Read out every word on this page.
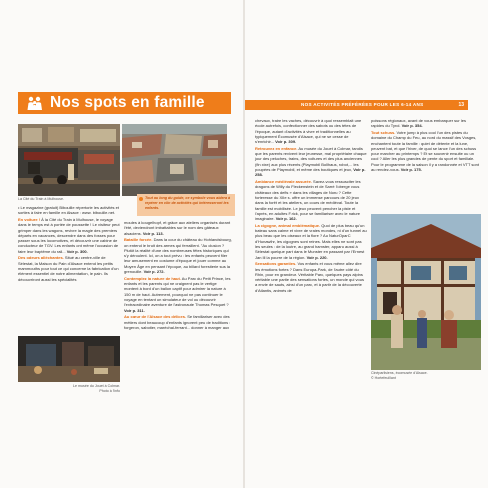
Nos spots en famille
La Cité du Train à Mulhouse.	Tout au long du guide, ce symbole vous aidera à repérer en clin de activités qui intéresseront les enfants.

• Le magazine (gratuit) Biboulile répertorie les activités et sorties à faire en famille en Alsace : www. biboulile.net.

En voiture ! À la Cité du Train à Mulhouse, le voyage dans le temps est à portée de poussette ! Le visiteur peut grimper dans les wagons, revivre la magie des premiers départs en vacances, descendre dans des fosses pour passer sous les locomotives, et découvrir une cabine de conducteur de TGV. Les enfants ont même l'occasion de faire leur baptême du rail... Voir p. 300.

Des odeurs alléchantes. Situé au centre-ville de Sélestat, la Maison du Pain d'Alsace entend les petits mammouths pour tout ce qui concerne la fabrication d'un élément essentiel de notre alimentation, le pain. Ils découvriront aussi les spécialités

moules à kougelhopf, et grâce aux ateliers organisés durant l'été, deviendront imbattables sur le nom des gâteaux alsaciens. Voir p. 113.

Bataille forcée. Dans la cour du château du Hohlandsbourg, on entend le bruit des armes qui ferraillent. "Au clusion ? Plutôt la réalité d'une des nombreuses fêtes historiques qui s'y déroulent. Ici, on a tout prévu : les enfants peuvent filer leur amusement en costume d'époque et jouer comme au Moyen Âge en pensant l'époque, au billard forestierie sus la grenouille. Voir p. 272.

Contemplez la nature de haut. Au Parc du Petit Prince, les enfants et les parents qui ne craignent pas le vertige montent à bord d'un ballon captif pour admirer la nature à 150 m de haut. Autrement, pourquoi ne pas continuer le voyage en tentant un simulateur de vol ou découvrir l'extraordinaire aventure de l'astronaute Thomas Pesquet ? Voir p. 311.

Au cœur de l'Alsace des délices. Se familiariser avec des métiers dont beaucoup d'enfants ignorent peu de traditions : forgeron, sabotier, maréchal-ferrant... donner à manger aux

Le musée du Jouet à Colmar.
Photo à l'info
NOS ACTIVITÉS PRÉFÉRÉES POUR LES 6-14 ANS	13

chevaux, traire les vaches, découvrir à quoi ressemblait une école autrefois, confectionner des sabots ou des tétes de l'époque, autant d'activités à vivre et traditionnelles au typiquement Écomusée d'Alsace, qui ne se cesse de s'enrichir... Voir p. 309.

Retrouvez en enfance. Au musée du Jouet à Colmar, tandis que les parents revivent leur jeunesse, mal propriétaire chaque jour des peluches, trains, des voitures et des plus anciennes (fin xixe) aux plus récents (Playmobil Bollhaus, robot,... les poupées de Playmobil, et même des boutiques et jeux, Voir p. 258.

Ambiance médiévale assurée. Savez-vous ressusciter les dragons de Willy du Fleckenstein et de Sarré l'oberge vous châteaux des defis » dans les villages de Noru ? Cette forteresse du XIIe s. offre un immense parcours de 20 jeux dans la forêt et les ateliers, un cours de médiéval. Toute la famille est mobilisée. Le jeux peuvent pencher la piste et l'après, en adultes F.rick, pour se familiariser avec le nature imaginaire. Voir p. 162.

La cigogne, animal emblématique. Quoi de plus beau qu'un bateau sans calme et vivre de vraies mondes, ni d'un tunnel au plus beau que les oiseaux et la flore ? Au NaturOparC d'Hunawihr, les cigognes sont reines. Mais elles ne sont pas les seules : de la loutre, au grand hamster, apparu aussi à Sélestat quelque part dans le Munster en passant par l'Ernest Jan Ill la pourre de la région. Voir p. 220.

Sensations garanties. Vos enfants et vous même allez dire les émotions fortes ? Dans Europa-Park, de l'autre côté du Rhin, pour en grandeur. Véritable Parc, quelques pays alpins véritable une partie des sensations fortes, un monde qui vous a envie de sauts, ainsi d'un parc, et à partir de la découverte d'Atlantis, animés de

poissons régionaux, avant de vous embarquer sur les rapides du Tyrol. Voir p. 354.

Tout schuss. Votre jump à plus cool l'un des pistes du domaine du Champ du Feu, au nord du massif des Vosges, enchantent toute la famille : quiet de détente et la lune, peuvent bat, et que l'hiver, de quoi se lance l'un des schuss pour marcher au printemps ? Et se souvenir ensuite ou un cool ? Aller les plus grandes de pente du sport et familiale. Pour le programme de la saison il y a randonnée et VTT sont au rendez-vous. Voir p. 175.

Cinéparlisiens, écomusée d'Alsace.
© Hortefeuillant
